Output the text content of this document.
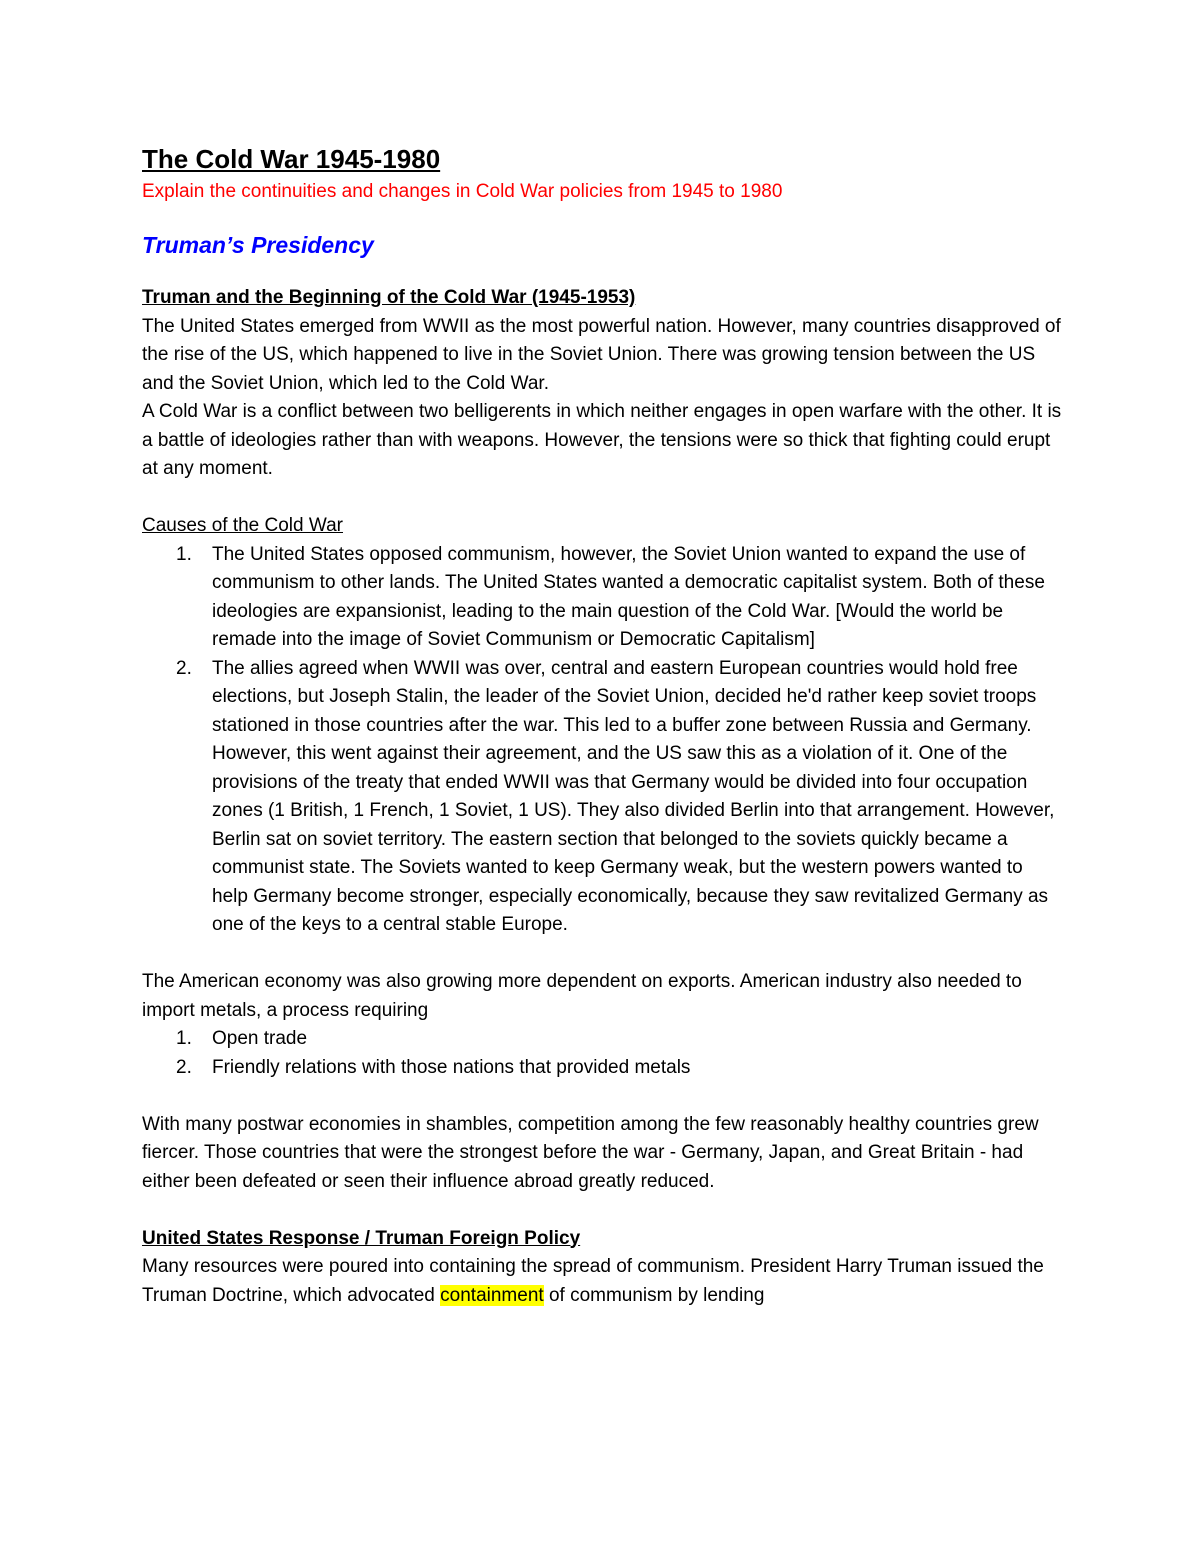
The Cold War 1945-1980
Explain the continuities and changes in Cold War policies from 1945 to 1980
Truman’s Presidency
Truman and the Beginning of the Cold War (1945-1953)

The United States emerged from WWII as the most powerful nation. However, many countries disapproved of the rise of the US, which happened to live in the Soviet Union. There was growing tension between the US and the Soviet Union, which led to the Cold War.

A Cold War is a conflict between two belligerents in which neither engages in open warfare with the other. It is a battle of ideologies rather than with weapons. However, the tensions were so thick that fighting could erupt at any moment.

Causes of the Cold War
1. The United States opposed communism, however, the Soviet Union wanted to expand the use of communism to other lands. The United States wanted a democratic capitalist system. Both of these ideologies are expansionist, leading to the main question of the Cold War. [Would the world be remade into the image of Soviet Communism or Democratic Capitalism]
2. The allies agreed when WWII was over, central and eastern European countries would hold free elections, but Joseph Stalin, the leader of the Soviet Union, decided he'd rather keep soviet troops stationed in those countries after the war. This led to a buffer zone between Russia and Germany. However, this went against their agreement, and the US saw this as a violation of it. One of the provisions of the treaty that ended WWII was that Germany would be divided into four occupation zones (1 British, 1 French, 1 Soviet, 1 US). They also divided Berlin into that arrangement. However, Berlin sat on soviet territory. The eastern section that belonged to the soviets quickly became a communist state. The Soviets wanted to keep Germany weak, but the western powers wanted to help Germany become stronger, especially economically, because they saw revitalized Germany as one of the keys to a central stable Europe.

The American economy was also growing more dependent on exports. American industry also needed to import metals, a process requiring

1. Open trade
2. Friendly relations with those nations that provided metals

With many postwar economies in shambles, competition among the few reasonably healthy countries grew fiercer. Those countries that were the strongest before the war - Germany, Japan, and Great Britain - had either been defeated or seen their influence abroad greatly reduced.

United States Response / Truman Foreign Policy

Many resources were poured into containing the spread of communism. President Harry Truman issued the Truman Doctrine, which advocated containment of communism by lending
